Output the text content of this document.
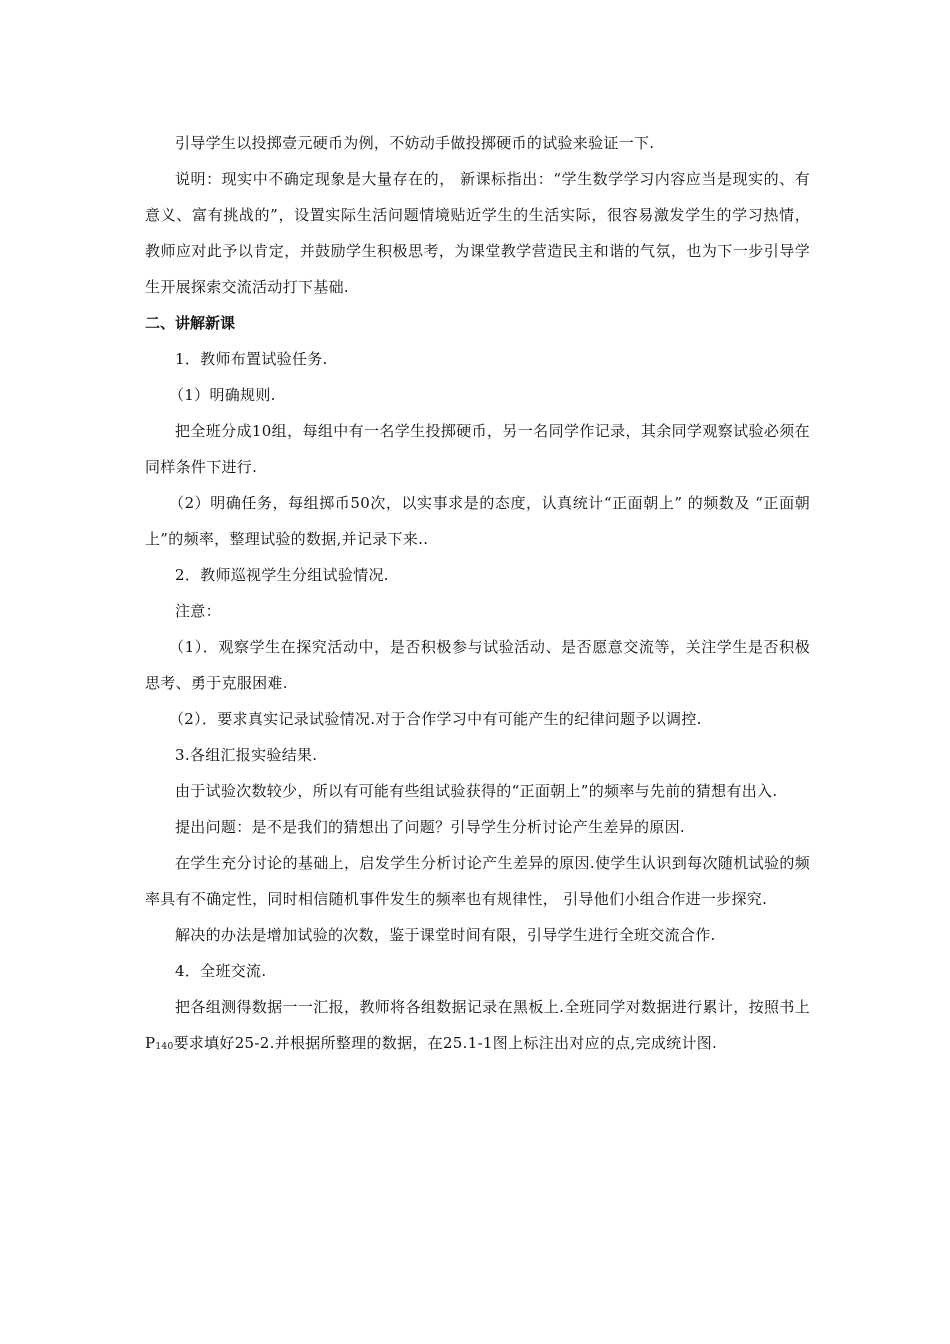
引导学生以投掷壹元硬币为例，不妨动手做投掷硬币的试验来验证一下.

说明：现实中不确定现象是大量存在的， 新课标指出：“学生数学学习内容应当是现实的、有意义、富有挑战的”，设置实际生活问题情境贴近学生的生活实际，很容易激发学生的学习热情，教师应对此予以肯定，并鼓励学生积极思考，为课堂教学营造民主和谐的气氛，也为下一步引导学生开展探索交流活动打下基础.

二、讲解新课

1．教师布置试验任务.

（1）明确规则.

把全班分成10组，每组中有一名学生投掷硬币，另一名同学作记录，其余同学观察试验必须在同样条件下进行.

（2）明确任务，每组掷币50次，以实事求是的态度，认真统计“正面朝上” 的频数及 “正面朝上”的频率，整理试验的数据,并记录下来..

2．教师巡视学生分组试验情况.

注意：

（1）．观察学生在探究活动中，是否积极参与试验活动、是否愿意交流等，关注学生是否积极思考、勇于克服困难.

（2）．要求真实记录试验情况.对于合作学习中有可能产生的纪律问题予以调控.

3.各组汇报实验结果.

由于试验次数较少，所以有可能有些组试验获得的“正面朝上”的频率与先前的猜想有出入.

提出问题：是不是我们的猜想出了问题？引导学生分析讨论产生差异的原因.

在学生充分讨论的基础上，启发学生分析讨论产生差异的原因.使学生认识到每次随机试验的频率具有不确定性，同时相信随机事件发生的频率也有规律性， 引导他们小组合作进一步探究.

解决的办法是增加试验的次数，鉴于课堂时间有限，引导学生进行全班交流合作.

4．全班交流.

把各组测得数据一一汇报，教师将各组数据记录在黑板上.全班同学对数据进行累计，按照书上 $P_{140}$要求填好25-2.并根据所整理的数据，在25.1-1图上标注出对应的点,完成统计图.
